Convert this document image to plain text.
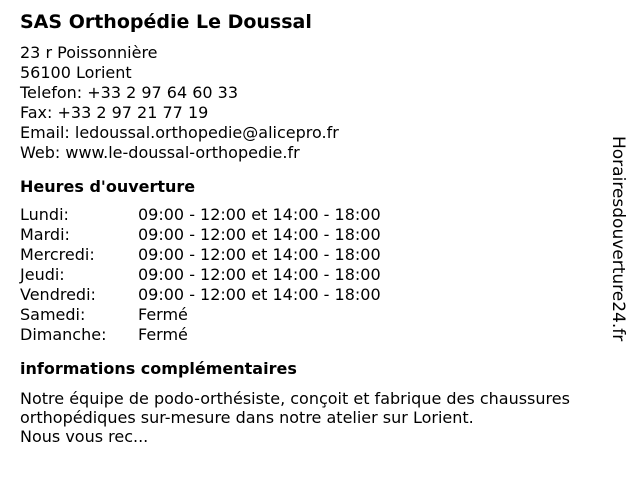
SAS Orthopédie Le Doussal
23 r Poissonnière
56100 Lorient
Telefon: +33 2 97 64 60 33
Fax: +33 2 97 21 77 19
Email: ledoussal.orthopedie@alicepro.fr
Web: www.le-doussal-orthopedie.fr
Heures d'ouverture
Lundi:	09:00 - 12:00 et 14:00 - 18:00
Mardi:	09:00 - 12:00 et 14:00 - 18:00
Mercredi:	09:00 - 12:00 et 14:00 - 18:00
Jeudi:	09:00 - 12:00 et 14:00 - 18:00
Vendredi:	09:00 - 12:00 et 14:00 - 18:00
Samedi:	Fermé
Dimanche:	Fermé
informations complémentaires
Notre équipe de podo-orthésiste, conçoit et fabrique des chaussures
orthopédiques sur-mesure dans notre atelier sur Lorient.
Nous vous rec...
Horairesdouverture24.fr
